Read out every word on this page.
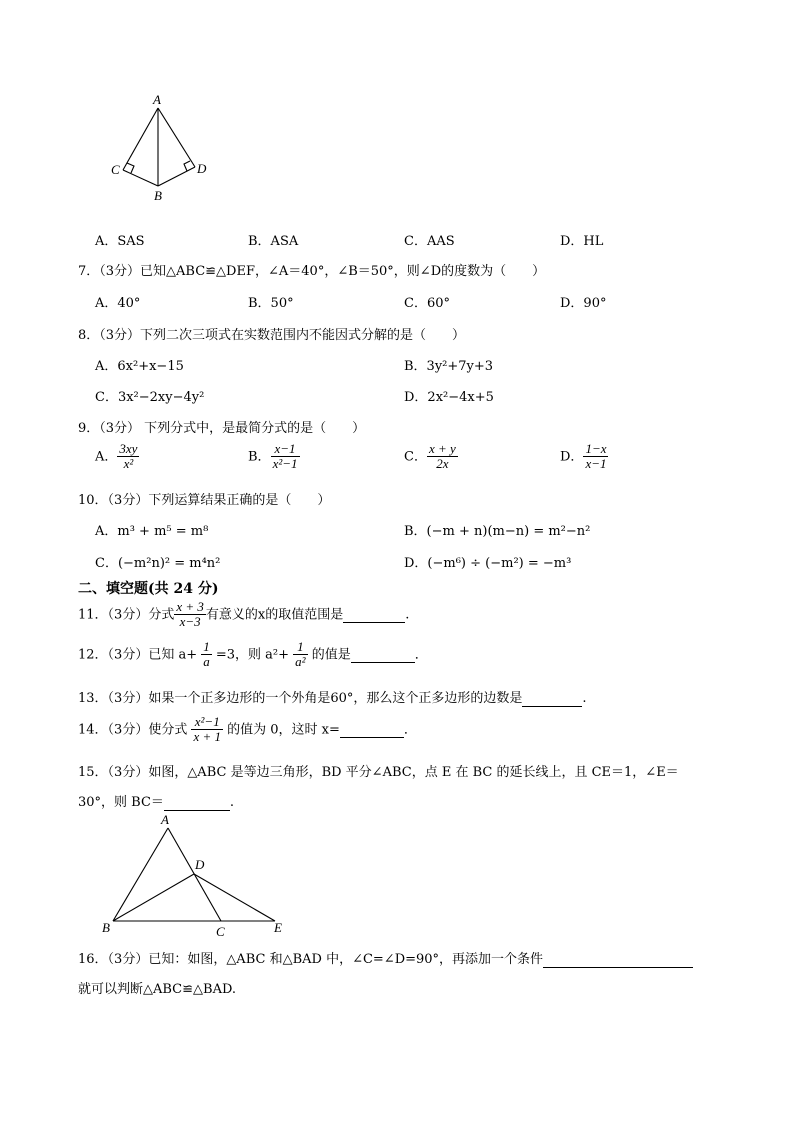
A
C	D
B
A．SAS	B．ASA	C．AAS	D．HL
7．（3分）已知△ABC≌△DEF，∠A＝40°，∠B＝50°，则∠D的度数为（　　）
A．40°	B．50°	C．60°	D．90°
8．（3分）下列二次三项式在实数范围内不能因式分解的是（　　）
A．6x²+x−15	B．3y²+7y+3
C．3x²−2xy−4y²	D．2x²−4x+5
9．（3分） 下列分式中，是最简分式的是（　　）
A． $\frac{3xy}{\text{x²}}$	B． $\frac{x-1}{\text{x²−1}}$	C． $\frac{x + y}{2x}$	D． $\frac{1-x}{x-1}$
10．（3分）下列运算结果正确的是（　　）
A．m³ + m⁵ = m⁸	B．(−m + n)(m−n) = m²−n²
C．(−m²n)² = m⁴n²	D．(−m⁶) ÷ (−m²) = −m³
二、填空题(共 24 分)
11．（3分）分式 $\frac{x + 3}{x-3}$ 有意义的x的取值范围是	.
12．（3分）已知 $a+ \frac{1}{a} =3$，则 $a^2+ \frac{1}{\text{a²}}$ 的值是	．
13．（3分）如果一个正多边形的一个外角是60°，那么这个正多边形的边数是	.
14．（3分）使分式 $\frac{\text{x²−1}}{x + 1}$ 的值为 0，这时 x=	．
15．（3分）如图，△ABC 是等边三角形，BD 平分∠ABC，点 E 在 BC 的延长线上，且 CE＝1，∠E＝
30°，则 BC＝	.
A
D
B	C	E
16．（3分）已知：如图，△ABC 和△BAD 中，∠C=∠D=90°，再添加一个条件
就可以判断△ABC≌△BAD.
